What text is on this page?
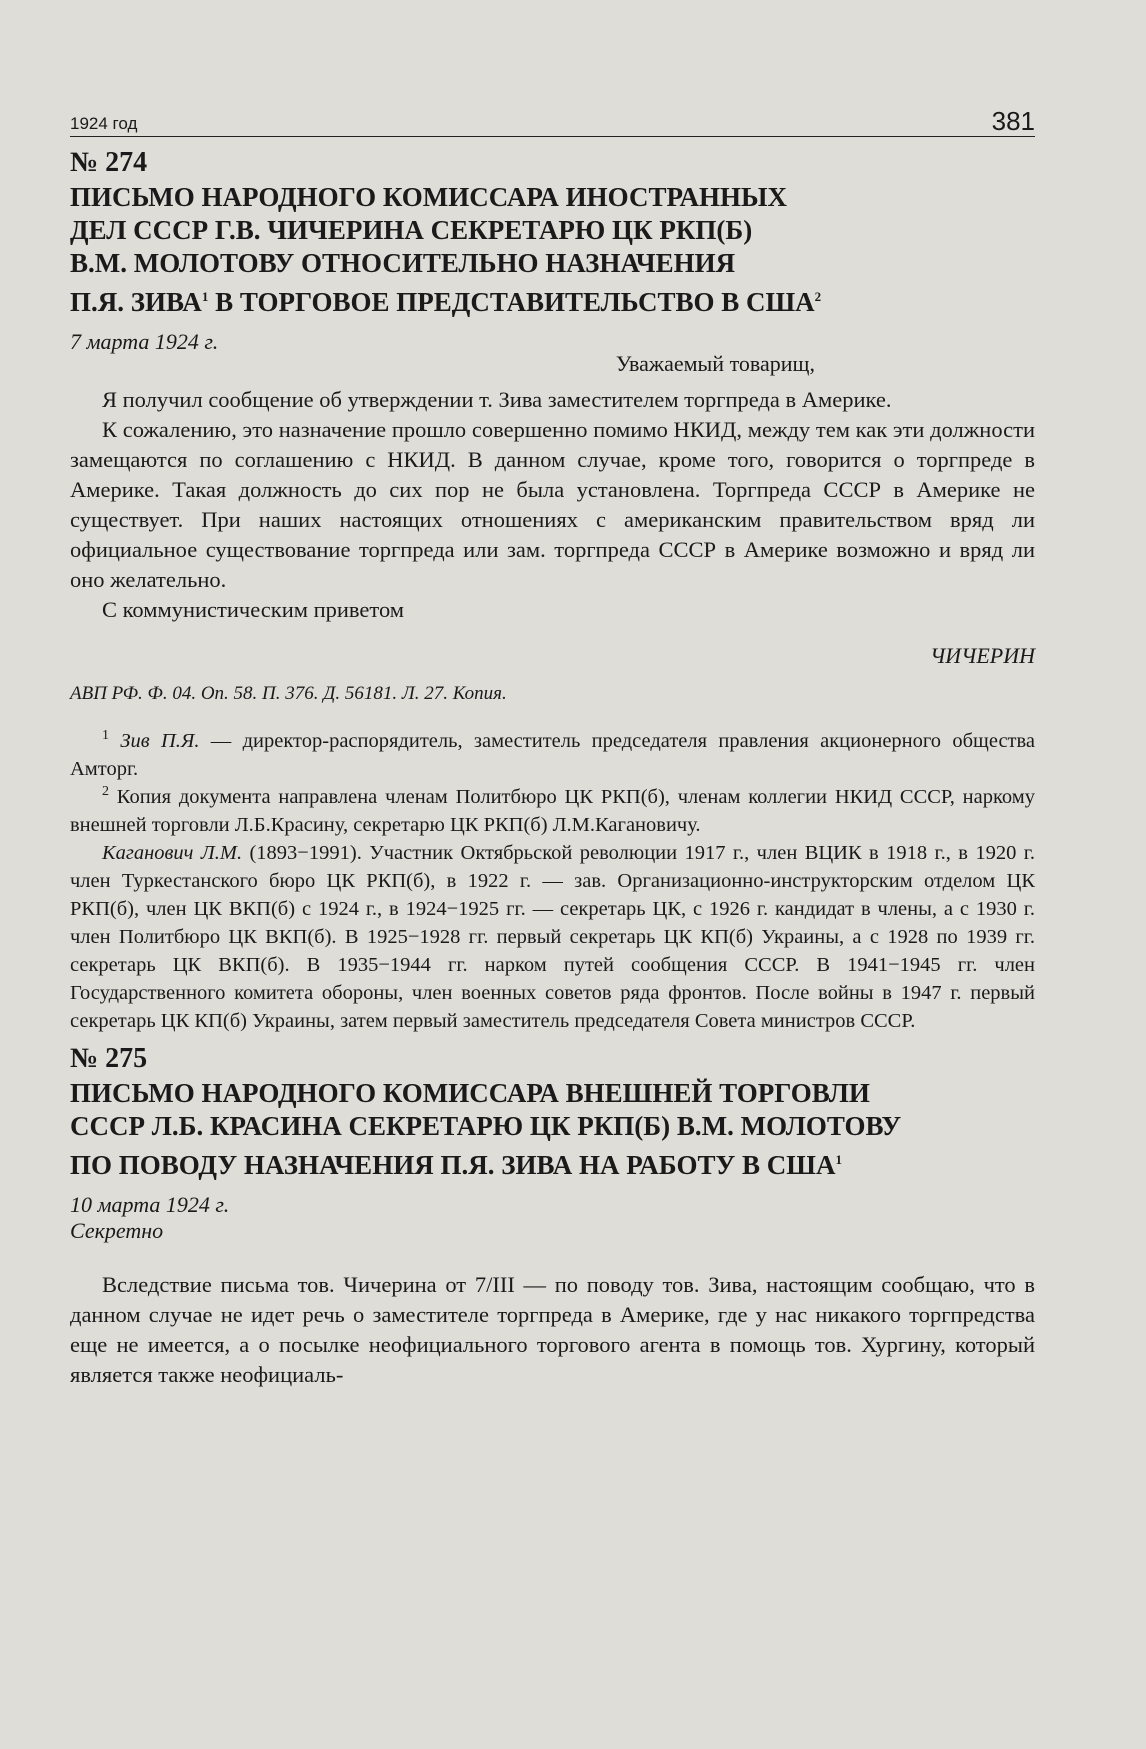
1924 год	381
№ 274
ПИСЬМО НАРОДНОГО КОМИССАРА ИНОСТРАННЫХ
ДЕЛ СССР Г.В. ЧИЧЕРИНА СЕКРЕТАРЮ ЦК РКП(Б)
В.М. МОЛОТОВУ ОТНОСИТЕЛЬНО НАЗНАЧЕНИЯ
П.Я. ЗИВА$^1$ В ТОРГОВОЕ ПРЕДСТАВИТЕЛЬСТВО В США$^2$
7 марта 1924 г.
Уважаемый товарищ,

Я получил сообщение об утверждении т. Зива заместителем торгпреда в Америке.

К сожалению, это назначение прошло совершенно помимо НКИД, между тем как эти должности замещаются по соглашению с НКИД. В данном случае, кроме того, говорится о торгпреде в Америке. Такая должность до сих пор не была установлена. Торгпреда СССР в Америке не существует. При наших настоящих отношениях с американским правительством вряд ли официальное существование торгпреда или зам. торгпреда СССР в Америке возможно и вряд ли оно желательно.

С коммунистическим приветом

ЧИЧЕРИН
АВП РФ. Ф. 04. Оп. 58. П. 376. Д. 56181. Л. 27. Копия.

$^1$ Зив П.Я. — директор-распорядитель, заместитель председателя правления акционерного общества Амторг.

$^2$ Копия документа направлена членам Политбюро ЦК РКП(б), членам коллегии НКИД СССР, наркому внешней торговли Л.Б.Красину, секретарю ЦК РКП(б) Л.М.Кагановичу.

Каганович Л.М. (1893−1991). Участник Октябрьской революции 1917 г., член ВЦИК в 1918 г., в 1920 г. член Туркестанского бюро ЦК РКП(б), в 1922 г. — зав. Организационно-инструкторским отделом ЦК РКП(б), член ЦК ВКП(б) с 1924 г., в 1924−1925 гг. — секретарь ЦК, с 1926 г. кандидат в члены, а с 1930 г. член Политбюро ЦК ВКП(б). В 1925−1928 гг. первый секретарь ЦК КП(б) Украины, а с 1928 по 1939 гг. секретарь ЦК ВКП(б). В 1935−1944 гг. нарком путей сообщения СССР. В 1941−1945 гг. член Государственного комитета обороны, член военных советов ряда фронтов. После войны в 1947 г. первый секретарь ЦК КП(б) Украины, затем первый заместитель председателя Совета министров СССР.

№ 275
ПИСЬМО НАРОДНОГО КОМИССАРА ВНЕШНЕЙ ТОРГОВЛИ
СССР Л.Б. КРАСИНА СЕКРЕТАРЮ ЦК РКП(Б) В.М. МОЛОТОВУ
ПО ПОВОДУ НАЗНАЧЕНИЯ П.Я. ЗИВА НА РАБОТУ В США$^1$
10 марта 1924 г.
Секретно

Вследствие письма тов. Чичерина от 7/III — по поводу тов. Зива, настоящим сообщаю, что в данном случае не идет речь о заместителе торгпреда в Америке, где у нас никакого торгпредства еще не имеется, а о посылке неофициального торгового агента в помощь тов. Хургину, который является также неофициаль-
